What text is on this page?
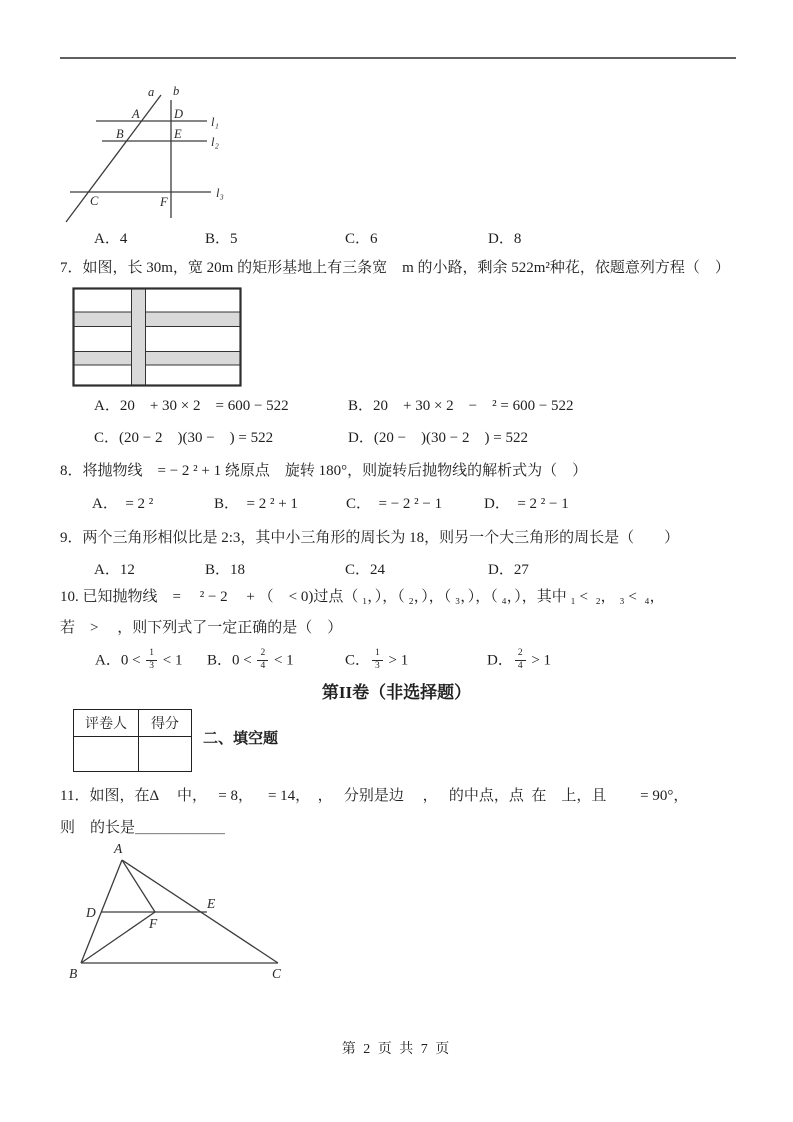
a b
A	D
B	E
C	F
l₁
l₂
l₃
A．4	B．5	C．6	D．8
7．如图，长 30m，宽 20m 的矩形基地上有三条宽　m 的小路，剩余 522m²种花，依题意列方程（　）
A．20　+ 30 × 2　= 600 − 522	B．20　+ 30 × 2　−　² = 600 − 522
C．(20 − 2　)(30 −　) = 522	D．(20 −　)(30 − 2　) = 522
8．将抛物线　= − 2 ² + 1 绕原点　旋转 180°，则旋转后抛物线的解析式为（　）
A．　= 2 ²	B．　= 2 ² + 1	C．　= − 2 ² − 1	D．　= 2 ² − 1
9．两个三角形相似比是 2:3，其中小三角形的周长为 18，则另一个大三角形的周长是（　　）
A．12	B．18	C．24	D．27
10. 已知抛物线　=　 ² − 2 　+ （　< 0)过点（ ₁，），（ ₂，），（ ₃，），（ ₄，），其中 ₁ <  ₂， ₃ <  ₄，
若　> 　，则下列式了一定正确的是（　）
A．$0 < \frac{1}{3} < 1$ B．$0 < \frac{2}{4} < 1$	C． $\frac{1}{3} > 1$	D． $\frac{2}{4} > 1$
第II卷（非选择题）
评卷人	得分

二、填空题
11．如图，在Δ　 中，　 = 8，　  = 14，　，　 分别是边　 ，　 的中点，点  在　上，且　　 = 90°，
则　的长是＿＿＿＿＿＿
A
B	C
D
E
F
第 2 页 共 7 页
